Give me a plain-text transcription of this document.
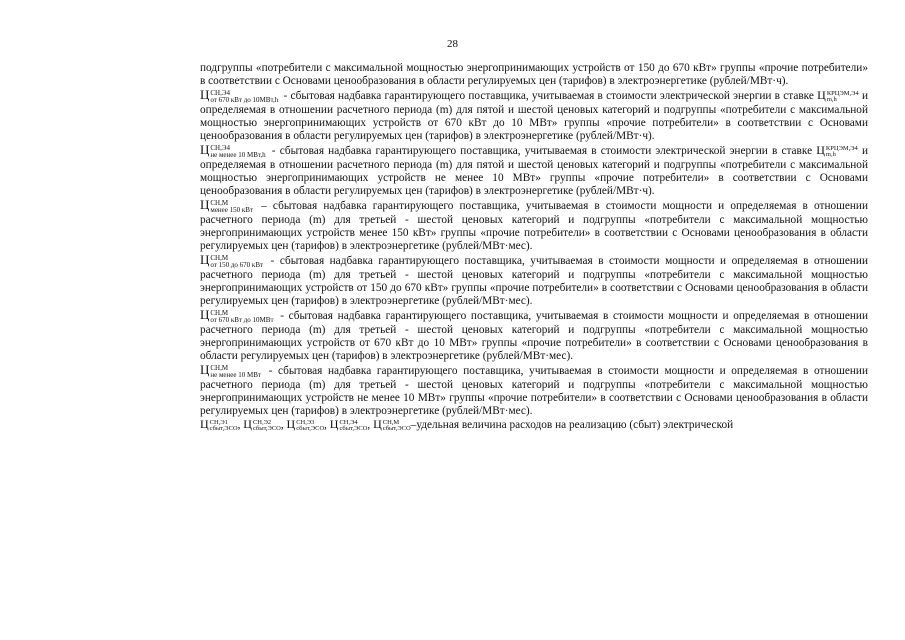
28

подгруппы «потребители с максимальной мощностью энергопринимающих устройств от 150 до 670 кВт» группы «прочие потребители» в соответствии с Основами ценообразования в области регулируемых цен (тарифов) в электроэнергетике (рублей/МВт·ч).

Ц СН,Э4
от 670 кВт до 10МВт,h - сбытовая надбавка гарантирующего поставщика, учитываемая в стоимости электрической энергии в ставке Ц КРЦЭМ,Э4
m,h	и определяемая в отношении расчетного периода (m) для пятой и шестой ценовых категорий и подгруппы «потребители с максимальной мощностью энергопринимающих устройств от 670 кВт до 10 МВт» группы «прочие потребители» в соответствии с Основами ценообразования в области регулируемых цен (тарифов) в электроэнергетике (рублей/МВт·ч).

Ц СН,Э4
не менее 10 МВт,h - сбытовая надбавка гарантирующего поставщика, учитываемая в стоимости электрической энергии в ставке Ц КРЦЭМ,Э4
m,h	и определяемая в отношении расчетного периода (m) для пятой и шестой ценовых категорий и подгруппы «потребители с максимальной мощностью энергопринимающих устройств не менее 10 МВт» группы «прочие потребители» в соответствии с Основами ценообразования в области регулируемых цен (тарифов) в электроэнергетике (рублей/МВт·ч).

Ц СН,М
менее 150 кВт – сбытовая надбавка гарантирующего поставщика, учитываемая в стоимости мощности и определяемая в отношении расчетного периода (m) для третьей - шестой ценовых категорий и подгруппы «потребители с максимальной мощностью энергопринимающих устройств менее 150 кВт» группы «прочие потребители» в соответствии с Основами ценообразования в области регулируемых цен (тарифов) в электроэнергетике (рублей/МВт·мес).

Ц СН,М
от 150 до 670 кВт - сбытовая надбавка гарантирующего поставщика, учитываемая в стоимости мощности и определяемая в отношении расчетного периода (m) для третьей - шестой ценовых категорий и подгруппы «потребители с максимальной мощностью энергопринимающих устройств от 150 до 670 кВт» группы «прочие потребители» в соответствии с Основами ценообразования в области регулируемых цен (тарифов) в электроэнергетике (рублей/МВт·мес).

Ц СН,М
от 670 кВт до 10МВт - сбытовая надбавка гарантирующего поставщика, учитываемая в стоимости мощности и определяемая в отношении расчетного периода (m) для третьей - шестой ценовых категорий и подгруппы «потребители с максимальной мощностью энергопринимающих устройств от 670 кВт до 10 МВт» группы «прочие потребители» в соответствии с Основами ценообразования в области регулируемых цен (тарифов) в электроэнергетике (рублей/МВт·мес).

Ц СН,М
не менее 10 МВт - сбытовая надбавка гарантирующего поставщика, учитываемая в стоимости мощности и определяемая в отношении расчетного периода (m) для третьей - шестой ценовых категорий и подгруппы «потребители с максимальной мощностью энергопринимающих устройств не менее 10 МВт» группы «прочие потребители» в соответствии с Основами ценообразования в области регулируемых цен (тарифов) в электроэнергетике (рублей/МВт·мес).

Ц СН,Э1
сбыт,ЭСО , Ц СН,Э2
сбыт,ЭСО , Ц СН,Э3
сбыт,ЭСО , Ц СН,Э4
сбыт,ЭСО , Ц СН,М
сбыт,ЭСО –удельная величина расходов на реализацию (сбыт) электрической
